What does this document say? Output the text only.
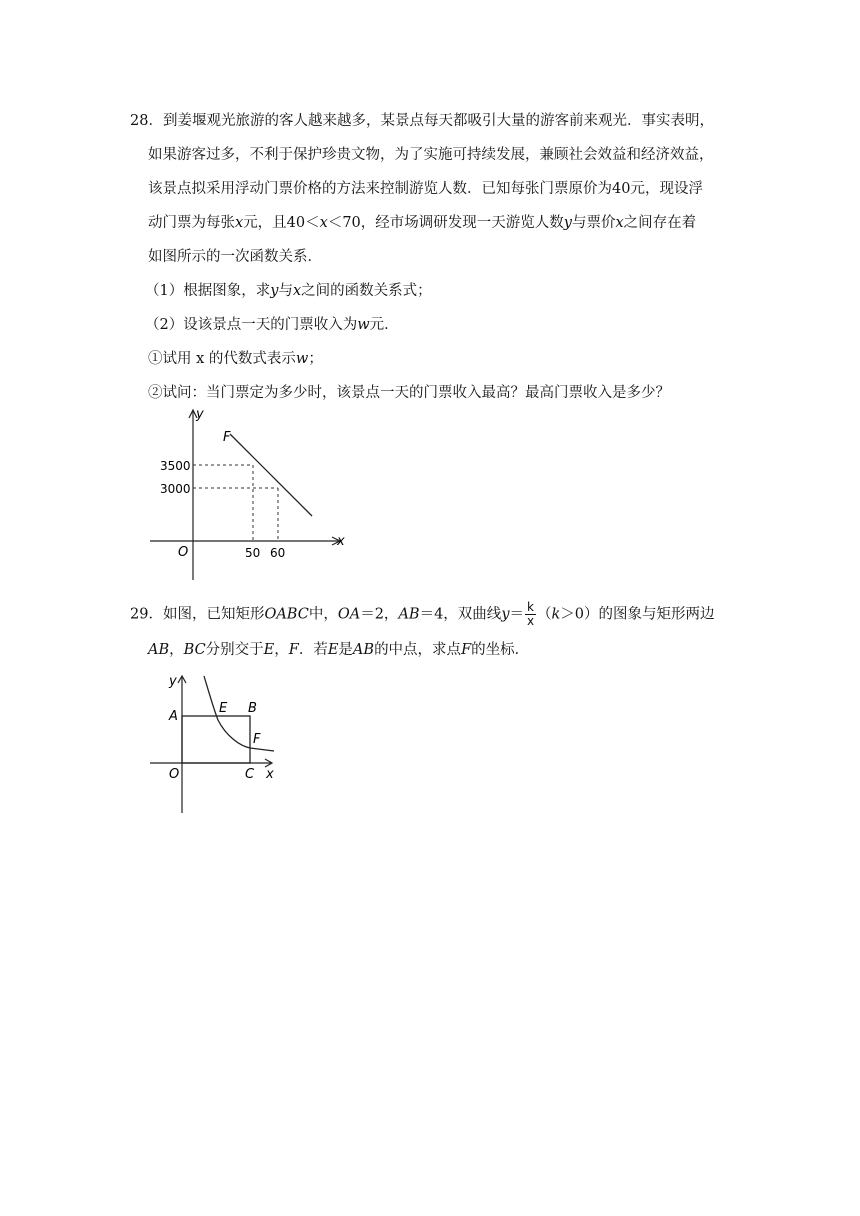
28．到姜堰观光旅游的客人越来越多，某景点每天都吸引大量的游客前来观光．事实表明，
如果游客过多，不利于保护珍贵文物，为了实施可持续发展，兼顾社会效益和经济效益，
该景点拟采用浮动门票价格的方法来控制游览人数．已知每张门票原价为40元，现设浮
动门票为每张x元，且40＜x＜70，经市场调研发现一天游览人数y与票价x之间存在着
如图所示的一次函数关系．
（1）根据图象，求y与x之间的函数关系式；
（2）设该景点一天的门票收入为w元．
①试用 x 的代数式表示w；
②试问：当门票定为多少时，该景点一天的门票收入最高？最高门票收入是多少？
y
x
O
F
3500
3000
50 60
29．如图，已知矩形OABC中，OA＝2，AB＝4，双曲线$y= \frac{k}{x} (k>0)$的图象与矩形两边
AB，BC分别交于E，F．若E是AB的中点，求点F的坐标．
y
x
O
A
E B
F
C
